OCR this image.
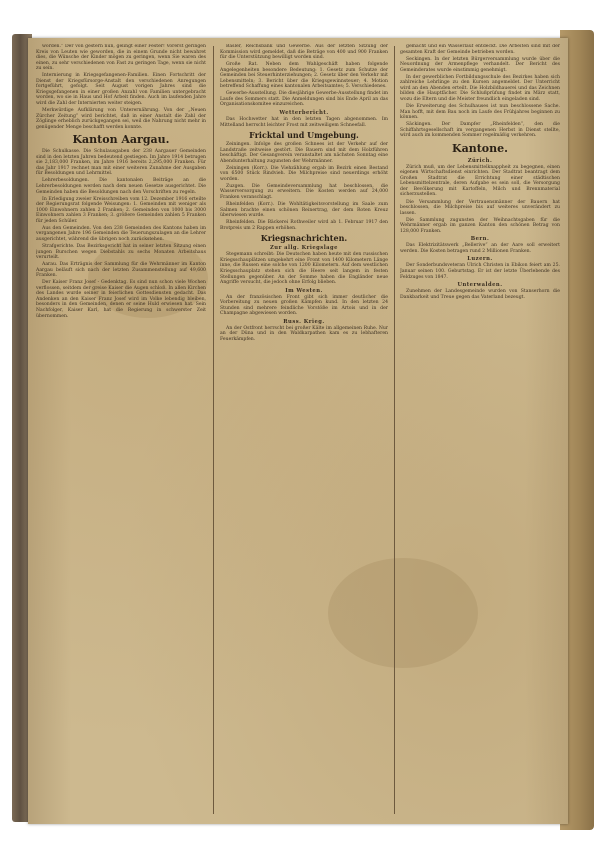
worden.“ Der von gestern nun, gelingt einer Fester! Vorerst geringen Kreis von Leuten wie geworden, die in einem Grunde nicht bewahret dies, die Wünsche der Kinder mögen zu geringen, wenn Sie waren des einen, zu sehr verschiedenen von Fast zu geringen Tage, wenn sie nicht zu sein.

Internierung in Kriegsgefangenen-Familien. Einen Fortschritt der Dienst der Kriegsfürsorge-Anstalt den verschiedenen Anregungen fortgeführt, gefolgt. Seit August vorigen Jahres sind die Kriegsgefangenen in einer großen Anzahl von Familien untergebracht worden, wo sie in Haus und Hof Arbeit finden. Auch im laufenden Jahre wird die Zahl der Internierten weiter steigen.

Merkwürdige Aufklärung von Unterernährung. Von der „Neuen Zürcher Zeitung“ wird berichtet, daß in einer Anstalt die Zahl der Zöglinge erheblich zurückgegangen sei, weil die Nahrung nicht mehr in genügender Menge beschafft werden konnte.

Kanton Aargau.

Die Schulkasse. Die Schulausgaben der 238 Aargauer Gemeinden sind in den letzten Jahren bedeutend gestiegen. Im Jahre 1914 betrugen sie 2,183,000 Franken, im Jahre 1916 bereits 2,295,000 Franken. Für das Jahr 1917 rechnet man mit einer weiteren Zunahme der Ausgaben für Besoldungen und Lehrmittel.

Lehrerbesoldungen. Die kantonalen Beiträge an die Lehrerbesoldungen werden nach dem neuen Gesetze ausgerichtet. Die Gemeinden haben die Besoldungen nach den Vorschriften zu regeln.

In Erledigung zweier Kreisschreiben vom 12. Dezember 1916 erteilte der Regierungsrat folgende Weisungen: 1. Gemeinden mit weniger als 1000 Einwohnern zahlen 2 Franken; 2. Gemeinden von 1000 bis 3000 Einwohnern zahlen 3 Franken; 3. größere Gemeinden zahlen 5 Franken für jeden Schüler.

Aus den Gemeinden. Von den 238 Gemeinden des Kantons haben im vergangenen Jahre 196 Gemeinden die Teuerungszulagen an die Lehrer ausgerichtet, während die übrigen noch zurückstehen.

Strafgerichte. Das Bezirksgericht hat in seiner letzten Sitzung einen jungen Burschen wegen Diebstahls zu sechs Monaten Arbeitshaus verurteilt.

Aarau. Das Erträgnis der Sammlung für die Wehrmänner im Kanton Aargau beläuft sich nach der letzten Zusammenstellung auf 49,600 Franken.

Der Kaiser Franz Josef - Gedenktag. Es sind nun schon viele Wochen verflossen, seitdem der greise Kaiser die Augen schloß. In allen Kirchen des Landes wurde seiner in feierlichen Gottesdiensten gedacht. Das Andenken an den Kaiser Franz Josef wird im Volke lebendig bleiben, besonders in den Gemeinden, denen er seine Huld erwiesen hat. Sein Nachfolger, Kaiser Karl, hat die Regierung in schwerster Zeit übernommen.

Basler, Reichsbank und Gewerbe. Aus der letzten Sitzung der Kommission wird gemeldet, daß die Beträge von 400 und 900 Franken für die Unterstützung bewilligt worden sind.

Große Rat. Neben dem Wahlgeschäft haben folgende Angelegenheiten besondere Bedeutung: 1. Gesetz zum Schutze der Gemeinden bei Steuerhinterziehungen; 2. Gesetz über den Verkehr mit Lebensmitteln; 3. Bericht über die Kriegsgewinnsteuer; 4. Motion betreffend Schaffung eines kantonalen Arbeitsamtes; 5. Verschiedenes.

Gewerbe-Ausstellung. Die diesjährige Gewerbe-Ausstellung findet im Laufe des Sommers statt. Die Anmeldungen sind bis Ende April an das Organisationskomitee einzureichen.

Wetterbericht.

Das Hochwetter hat in den letzten Tagen abgenommen. Im Mittelland herrscht leichter Frost mit zeitweiligem Schneefall.

Fricktal und Umgebung.

Zeiningen. Infolge des großen Schnees ist der Verkehr auf der Landstraße zeitweise gestört. Die Bauern sind mit dem Holzführen beschäftigt. Der Gesangverein veranstaltet am nächsten Sonntag eine Abendunterhaltung zugunsten der Wehrmänner.

Zeiningen (Korr.). Die Viehzählung ergab im Bezirk einen Bestand von 6500 Stück Rindvieh. Die Milchpreise sind neuerdings erhöht worden.

Zuzgen. Die Gemeindeversammlung hat beschlossen, die Wasserversorgung zu erweitern. Die Kosten werden auf 24,000 Franken veranschlagt.

Rheinfelden (Korr.). Die Wohltätigkeitsvorstellung im Saale zum Salmen brachte einen schönen Reinertrag, der dem Roten Kreuz überwiesen wurde.

Rheinfelden. Die Bäckerei Rothweiler wird ab 1. Februar 1917 den Brotpreis um 2 Rappen erhöhen.

Kriegsnachrichten.
Zur allg. Kriegslage

Stegemann schreibt: Die Deutschen haben heute mit den russischen Kriegsschauplätzen umgekehrt eine Front von 1400 Kilometern Länge inne, die Russen eine solche von 1200 Kilometern. Auf dem westlichen Kriegsschauplatz stehen sich die Heere seit langem in festen Stellungen gegenüber. An der Somme haben die Engländer neue Angriffe versucht, die jedoch ohne Erfolg blieben.

Im Westen.

An der französischen Front gibt sich immer deutlicher die Vorbereitung zu neuen großen Kämpfen kund. In den letzten 24 Stunden sind mehrere feindliche Vorstöße im Artois und in der Champagne abgewiesen worden.

Russ. Krieg.

An der Ostfront herrscht bei großer Kälte im allgemeinen Ruhe. Nur an der Düna und in den Waldkarpathen kam es zu lebhafteren Feuerkämpfen.

gemacht und ein Wasserlauf entdeckt. Die Arbeiten sind mit der gesamten Kraft der Gemeinde betrieben worden.

Seckingen. In der letzten Bürgerversammlung wurde über die Neuordnung der Armenpflege verhandelt. Der Bericht des Gemeinderates wurde einstimmig genehmigt.

In der gewerblichen Fortbildungsschule des Bezirkes haben sich zahlreiche Lehrlinge zu den Kursen angemeldet. Der Unterricht wird an den Abenden erteilt. Die Holzbildhauerei und das Zeichnen bilden die Hauptfächer. Die Schlußprüfung findet im März statt, wozu die Eltern und die Meister freundlich eingeladen sind.

Die Erweiterung des Schulhauses ist nun beschlossene Sache. Man hofft, mit dem Bau noch im Laufe des Frühjahres beginnen zu können.

Säckingen. Der Dampfer „Rheinfelden“, den die Schiffahrtsgesellschaft im vergangenen Herbst in Dienst stellte, wird auch im kommenden Sommer regelmäßig verkehren.

Kantone.
Zürich.

Zürich muß, um der Lebensmittelknappheit zu begegnen, einen eigenen Wirtschaftsdienst einrichten. Der Stadtrat beantragt dem Großen Stadtrat die Errichtung einer städtischen Lebensmittelzentrale, deren Aufgabe es sein soll, die Versorgung der Bevölkerung mit Kartoffeln, Milch und Brennmaterial sicherzustellen.

Die Versammlung der Vertrauensmänner der Bauern hat beschlossen, die Milchpreise bis auf weiteres unverändert zu lassen.

Die Sammlung zugunsten der Weihnachtsgaben für die Wehrmänner ergab im ganzen Kanton den schönen Betrag von 128,000 Franken.

Bern.

Das Elektrizitätswerk „Bellerive“ an der Aare soll erweitert werden. Die Kosten betragen rund 2 Millionen Franken.

Luzern.

Der Sonderbundsveteran Ulrich Christen in Ebikon feiert am 25. Januar seinen 100. Geburtstag. Er ist der letzte Überlebende des Feldzuges von 1847.

Unterwalden.

Zunehmen der Landesgemeinde wurden von Stanserhorn die Dankbarkeit und Treue gegen das Vaterland bezeugt.
